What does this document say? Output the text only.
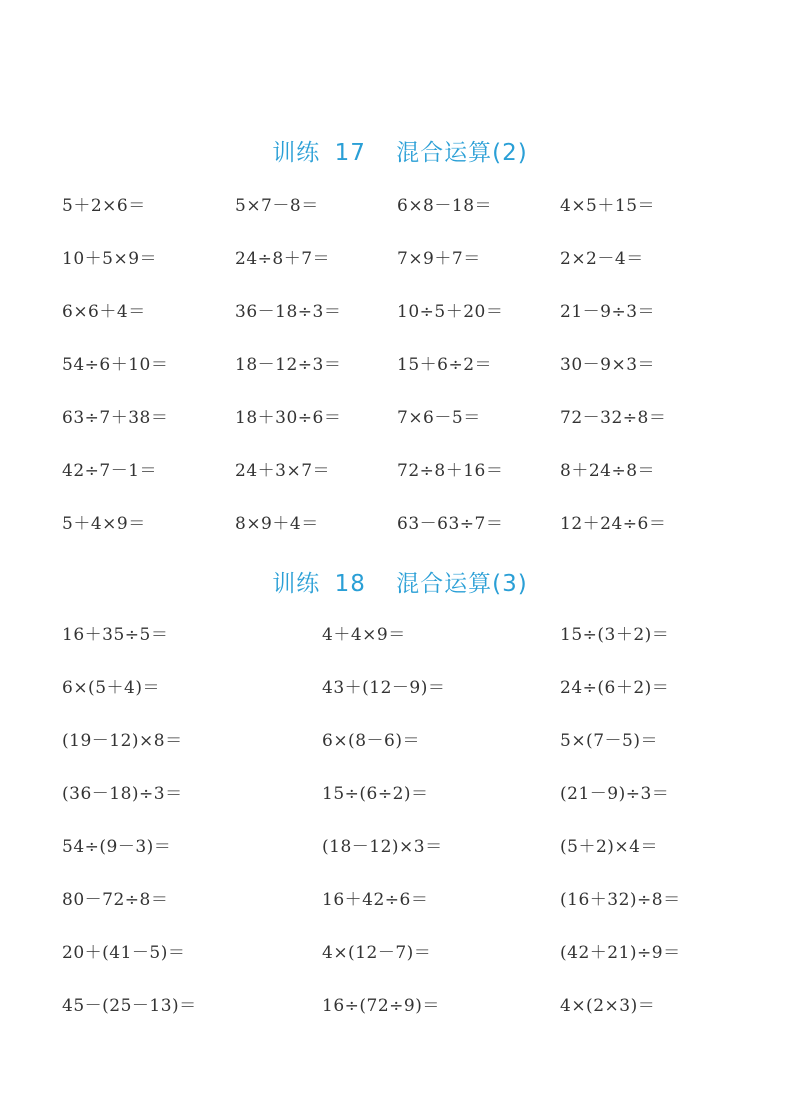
训练 17 混合运算(2)
5＋2×6＝	5×7－8＝	6×8－18＝	4×5＋15＝
10＋5×9＝	24÷8＋7＝	7×9＋7＝	2×2－4＝
6×6＋4＝	36－18÷3＝	10÷5＋20＝	21－9÷3＝
54÷6＋10＝	18－12÷3＝	15＋6÷2＝	30－9×3＝
63÷7＋38＝	18＋30÷6＝	7×6－5＝	72－32÷8＝
42÷7－1＝	24＋3×7＝	72÷8＋16＝	8＋24÷8＝
5＋4×9＝	8×9＋4＝	63－63÷7＝	12＋24÷6＝
训练 18 混合运算(3)
16＋35÷5＝	4＋4×9＝	15÷(3＋2)＝
6×(5＋4)＝	43＋(12－9)＝	24÷(6＋2)＝
(19－12)×8＝	6×(8－6)＝	5×(7－5)＝
(36－18)÷3＝	15÷(6÷2)＝	(21－9)÷3＝
54÷(9－3)＝	(18－12)×3＝	(5＋2)×4＝
80－72÷8＝	16＋42÷6＝	(16＋32)÷8＝
20＋(41－5)＝	4×(12－7)＝	(42＋21)÷9＝
45－(25－13)＝	16÷(72÷9)＝	4×(2×3)＝
